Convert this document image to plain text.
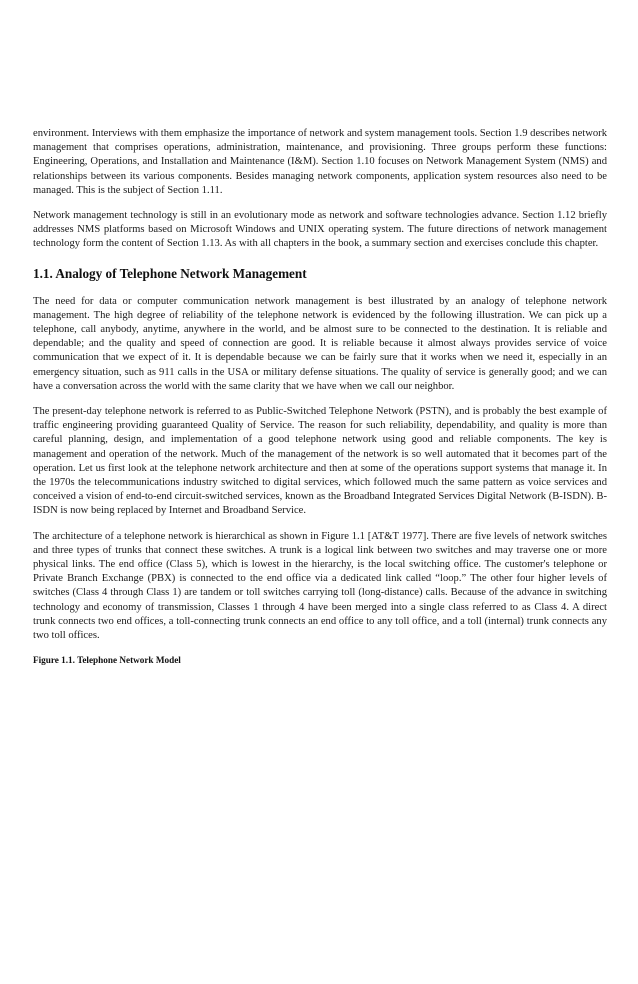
environment. Interviews with them emphasize the importance of network and system management tools. Section 1.9 describes network management that comprises operations, administration, maintenance, and provisioning. Three groups perform these functions: Engineering, Operations, and Installation and Maintenance (I&M). Section 1.10 focuses on Network Management System (NMS) and relationships between its various components. Besides managing network components, application system resources also need to be managed. This is the subject of Section 1.11.

Network management technology is still in an evolutionary mode as network and software technologies advance. Section 1.12 briefly addresses NMS platforms based on Microsoft Windows and UNIX operating system. The future directions of network management technology form the content of Section 1.13. As with all chapters in the book, a summary section and exercises conclude this chapter.

1.1. Analogy of Telephone Network Management

The need for data or computer communication network management is best illustrated by an analogy of telephone network management. The high degree of reliability of the telephone network is evidenced by the following illustration. We can pick up a telephone, call anybody, anytime, anywhere in the world, and be almost sure to be connected to the destination. It is reliable and dependable; and the quality and speed of connection are good. It is reliable because it almost always provides service of voice communication that we expect of it. It is dependable because we can be fairly sure that it works when we need it, especially in an emergency situation, such as 911 calls in the USA or military defense situations. The quality of service is generally good; and we can have a conversation across the world with the same clarity that we have when we call our neighbor.

The present-day telephone network is referred to as Public-Switched Telephone Network (PSTN), and is probably the best example of traffic engineering providing guaranteed Quality of Service. The reason for such reliability, dependability, and quality is more than careful planning, design, and implementation of a good telephone network using good and reliable components. The key is management and operation of the network. Much of the management of the network is so well automated that it becomes part of the operation. Let us first look at the telephone network architecture and then at some of the operations support systems that manage it. In the 1970s the telecommunications industry switched to digital services, which followed much the same pattern as voice services and conceived a vision of end-to-end circuit-switched services, known as the Broadband Integrated Services Digital Network (B-ISDN). B-ISDN is now being replaced by Internet and Broadband Service.

The architecture of a telephone network is hierarchical as shown in Figure 1.1 [AT&T 1977]. There are five levels of network switches and three types of trunks that connect these switches. A trunk is a logical link between two switches and may traverse one or more physical links. The end office (Class 5), which is lowest in the hierarchy, is the local switching office. The customer's telephone or Private Branch Exchange (PBX) is connected to the end office via a dedicated link called “loop.” The other four higher levels of switches (Class 4 through Class 1) are tandem or toll switches carrying toll (long-distance) calls. Because of the advance in switching technology and economy of transmission, Classes 1 through 4 have been merged into a single class referred to as Class 4. A direct trunk connects two end offices, a toll-connecting trunk connects an end office to any toll office, and a toll (internal) trunk connects any two toll offices.

Figure 1.1. Telephone Network Model
